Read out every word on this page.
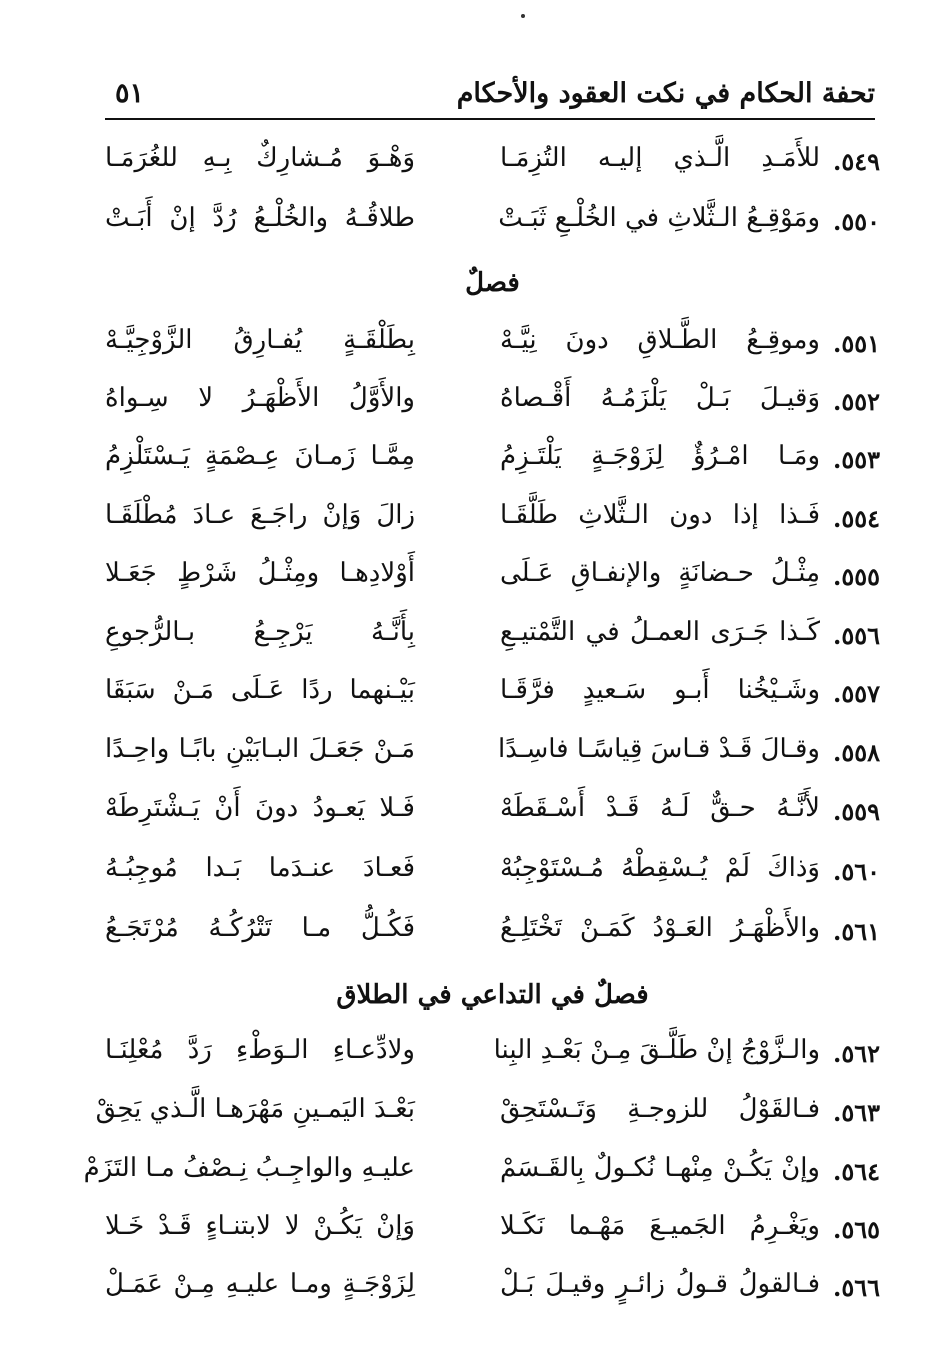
تحفة الحكام في نكت العقود والأحكام
٥١
٥٤٩.
للأَمَـدِ الَّـذي إليـه التُزِمَـا
وَهْـوَ مُـشارِكٌ بِـهِ للغُرَمَـا
٥٥٠.
ومَوْقِـعُ الـثَّلاثِ في الخُلْـعِ ثَبَـتْ
طلاقُـهُ والخُلْـعُ رُدَّ إنْ أَبَـتْ
فصلٌ
٥٥١.
وموقِـعُ الطَّـلاقِ دونَ نِيَّـهْ
بِطَلْقَـةٍ يُفـارِقُ الزَّوْجِيَّـهْ
٥٥٢.
وَقيـلَ بَـلْ يَلْزَمُـهُ أَقْـصاهُ
والأَوَّلُ الأَظْهَـرُ لا سِـواهُ
٥٥٣.
ومَـا امْـرُؤٌ لِزَوْجَـةٍ يَلْتَـزِمُ
مِمَّـا زَمـانَ عِـصْمَةٍ يَـسْتَلْزِمُ
٥٥٤.
فَـذا إذا دون الـثَّلاثِ طَلَّقَـا
زالَ وَإنْ راجَـعَ عـادَ مُطْلَقَـا
٥٥٥.
مِثْـلُ حـضانَةٍ والإنفـاقِ عَـلَى
أَوْلادِهـا ومِثْـلُ شَرْطٍ جَعَـلا
٥٥٦.
كَـذا جَـرَى العمـلُ في التَّمْتيـعِ
بِأَنَّـهُ يَرْجِـعُ بـالرُّجوعِ
٥٥٧.
وشَـيْخُنا أَبـو سَـعيدٍ فرَّقَـا
بَيْـنهما ردًا عَـلَى مَـنْ سَبَقَا
٥٥٨.
وقـالَ قَـدْ قـاسَ قِياسًـا فاسِـدًا
مَـنْ جَعَـلَ البـابَيْنِ بابًـا واحِـدًا
٥٥٩.
لأَنَّـهُ حـقٌّ لَـهُ قَـدْ أَسْـقَطَهْ
فَـلا يَعـودُ دونَ أَنْ يَـشْتَرِطَهْ
٥٦٠.
وَذاكَ لَمْ يُـسْقِطْهُ مُـسْتَوْجِبُهْ
فَعـادَ عنـدَما بَـدا مُوجِبُـهُ
٥٦١.
والأَظْهَـرُ العَـوْدُ كَمَـنْ تَخْتَلِـعُ
فَكُـلُّ مـا تَتْرُكُـهُ مُرْتَجَـعُ
فصلٌ في التداعي في الطلاق
٥٦٢.
والـزَّوْجُ إنْ طَلَّـقَ مِـنْ بَعْـدِ البِنا
ولادِّعـاءِ الـوَطْءِ رَدَّ مُعْلِنَـا
٥٦٣.
فـالقَوْلُ للزوجـةِ وَتَـسْتَحِقْ
بَعْـدَ اليَمـينِ مَهْرَهـا الَّـذي يَحِقْ
٥٦٤.
وإنْ يَكُـنْ مِنْهـا نُكـولٌ بِالقَـسَمْ
عليـهِ والواجِـبُ نِـصْفُ مـا التَزَمْ
٥٦٥.
ويَغْـرِمُ الجَميـعَ مَهْـما نَكَـلا
وَإنْ يَكُـنْ لا لابتنـاءٍ قَـدْ خَـلا
٥٦٦.
فـالقولُ قـولُ زائـرٍ وقيـلَ بَـلْ
لِزَوْجَـةٍ ومـا عليـهِ مِـنْ عَمَـلْ
